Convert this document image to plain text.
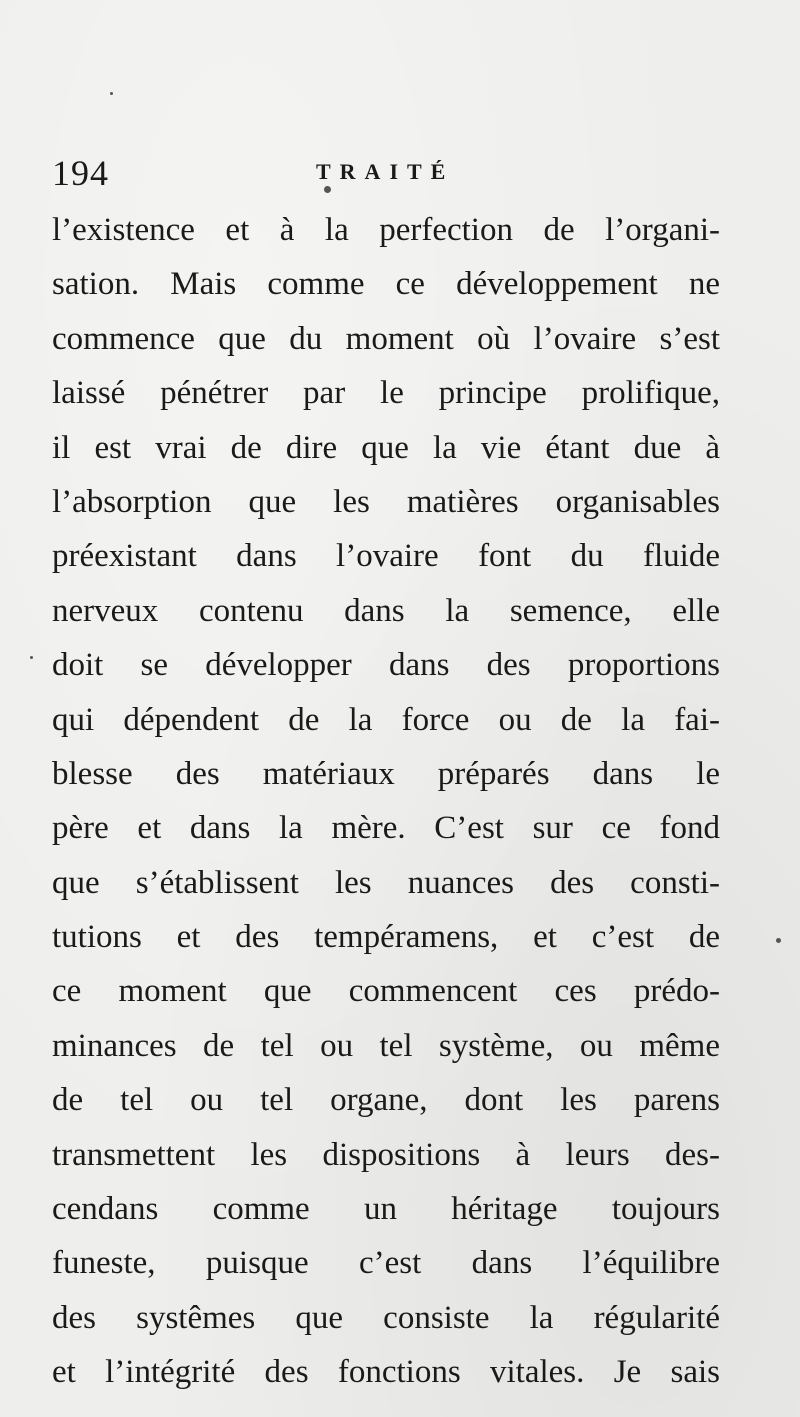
194	TRAITÉ
l’existence et à la perfection de l’organi-
sation. Mais comme ce développement ne
commence que du moment où l’ovaire s’est
laissé pénétrer par le principe prolifique,
il est vrai de dire que la vie étant due à
l’absorption que les matières organisables
préexistant dans l’ovaire font du fluide
nerveux contenu dans la semence, elle
doit se développer dans des proportions
qui dépendent de la force ou de la fai-
blesse des matériaux préparés dans le
père et dans la mère. C’est sur ce fond
que s’établissent les nuances des consti-
tutions et des tempéramens, et c’est de
ce moment que commencent ces prédo-
minances de tel ou tel système, ou même
de tel ou tel organe, dont les parens
transmettent les dispositions à leurs des-
cendans comme un héritage toujours
funeste, puisque c’est dans l’équilibre
des systêmes que consiste la régularité
et l’intégrité des fonctions vitales. Je sais
